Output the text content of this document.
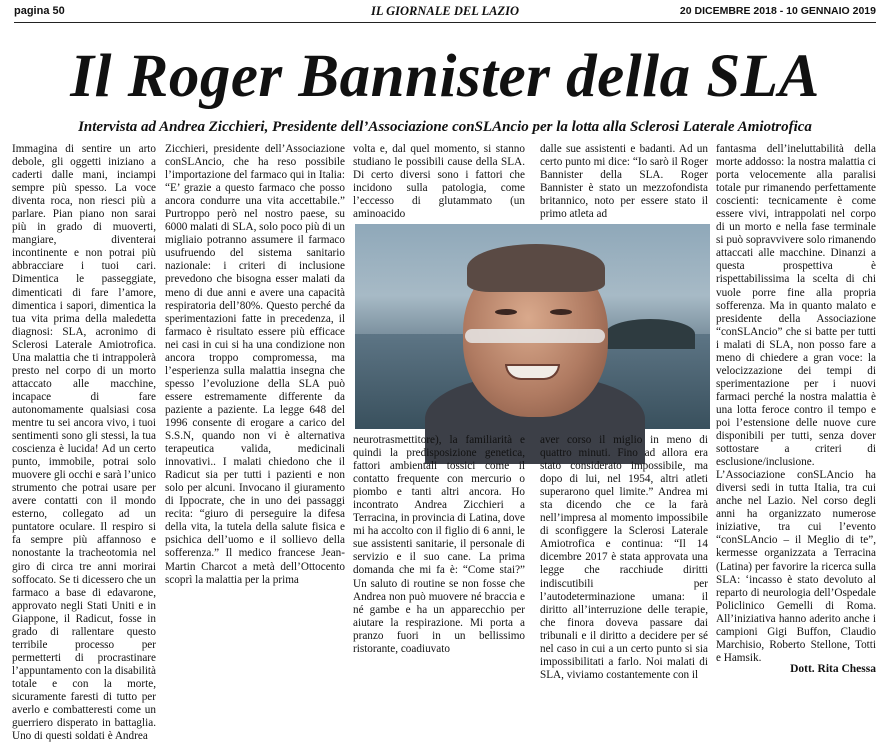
pagina 50	IL GIORNALE DEL LAZIO	20 DICEMBRE 2018 - 10 GENNAIO 2019
Il Roger Bannister della SLA
Intervista ad Andrea Zicchieri, Presidente dell’Associazione conSLAncio per la lotta alla Sclerosi Laterale Amiotrofica

Immagina di sentire un arto debole, gli oggetti iniziano a caderti dalle mani, inciampi sempre più spesso. La voce diventa roca, non riesci più a parlare. Pian piano non sarai più in grado di muoverti, mangiare, diventerai incontinente e non potrai più abbracciare i tuoi cari. Dimentica le passeggiate, dimenticati di fare l’amore, dimentica i sapori, dimentica la tua vita prima della maledetta diagnosi: SLA, acronimo di Sclerosi Laterale Amiotrofica. Una malattia che ti intrappolerà presto nel corpo di un morto attaccato alle macchine, incapace di fare autonomamente qualsiasi cosa mentre tu sei ancora vivo, i tuoi sentimenti sono gli stessi, la tua coscienza è lucida! Ad un certo punto, immobile, potrai solo muovere gli occhi e sarà l’unico strumento che potrai usare per avere contatti con il mondo esterno, collegato ad un puntatore oculare. Il respiro si fa sempre più affannoso e nonostante la tracheotomia nel giro di circa tre anni morirai soffocato. Se ti dicessero che un farmaco a base di edavarone, approvato negli Stati Uniti e in Giappone, il Radicut, fosse in grado di rallentare questo terribile processo per permetterti di procrastinare l’appuntamento con la disabilità totale e con la morte, sicuramente faresti di tutto per averlo e combatteresti come un guerriero disperato in battaglia. Uno di questi soldati è Andrea

Zicchieri, presidente dell’Associazione conSLAncio, che ha reso possibile l’importazione del farmaco qui in Italia: “E’ grazie a questo farmaco che posso ancora condurre una vita accettabile.” Purtroppo però nel nostro paese, su 6000 malati di SLA, solo poco più di un migliaio potranno assumere il farmaco usufruendo del sistema sanitario nazionale: i criteri di inclusione prevedono che bisogna esser malati da meno di due anni e avere una capacità respiratoria dell’80%. Questo perché da sperimentazioni fatte in precedenza, il farmaco è risultato essere più efficace nei casi in cui si ha una condizione non ancora troppo compromessa, ma l’esperienza sulla malattia insegna che spesso l’evoluzione della SLA può essere estremamente differente da paziente a paziente. La legge 648 del 1996 consente di erogare a carico del S.S.N, quando non vi è alternativa terapeutica valida, medicinali innovativi.. I malati chiedono che il Radicut sia per tutti i pazienti e non solo per alcuni. Invocano il giuramento di Ippocrate, che in uno dei passaggi recita: “giuro di perseguire la difesa della vita, la tutela della salute fisica e psichica dell’uomo e il sollievo della sofferenza.” Il medico francese Jean-Martin Charcot a metà dell’Ottocento scoprì la malattia per la prima

volta e, dal quel momento, si stanno studiano le possibili cause della SLA. Di certo diversi sono i fattori che incidono sulla patologia, come l’eccesso di glutammato (un aminoacido

dalle sue assistenti e badanti. Ad un certo punto mi dice: “Io sarò il Roger Bannister della SLA. Roger Bannister è stato un mezzofondista britannico, noto per essere stato il primo atleta ad

neurotrasmettitore), la familiarità e quindi la predisposizione genetica, fattori ambientali tossici come il contatto frequente con mercurio o piombo e tanti altri ancora. Ho incontrato Andrea Zicchieri a Terracina, in provincia di Latina, dove mi ha accolto con il figlio di 6 anni, le sue assistenti sanitarie, il personale di servizio e il suo cane. La prima domanda che mi fa è: “Come stai?” Un saluto di routine se non fosse che Andrea non può muovere né braccia e né gambe e ha un apparecchio per aiutare la respirazione. Mi porta a pranzo fuori in un bellissimo ristorante, coadiuvato

aver corso il miglio in meno di quattro minuti. Fino ad allora era stato considerato impossibile, ma dopo di lui, nel 1954, altri atleti superarono quel limite.” Andrea mi sta dicendo che ce la farà nell’impresa al momento impossibile di sconfiggere la Sclerosi Laterale Amiotrofica e continua: “Il 14 dicembre 2017 è stata approvata una legge che racchiude diritti indiscutibili per l’autodeterminazione umana: il diritto all’interruzione delle terapie, che finora doveva passare dai tribunali e il diritto a decidere per sé nel caso in cui a un certo punto si sia impossibilitati a farlo. Noi malati di SLA, viviamo costantemente con il

fantasma dell’ineluttabilità della morte addosso: la nostra malattia ci porta velocemente alla paralisi totale pur rimanendo perfettamente coscienti: tecnicamente è come essere vivi, intrappolati nel corpo di un morto e nella fase terminale si può sopravvivere solo rimanendo attaccati alle macchine. Dinanzi a questa prospettiva è rispettabilissima la scelta di chi vuole porre fine alla propria sofferenza. Ma in quanto malato e presidente della Associazione “conSLAncio” che si batte per tutti i malati di SLA, non posso fare a meno di chiedere a gran voce: la velocizzazione dei tempi di sperimentazione per i nuovi farmaci perché la nostra malattia è una lotta feroce contro il tempo e poi l’estensione delle nuove cure disponibili per tutti, senza dover sottostare a criteri di esclusione/inclusione. L’Associazione conSLAncio ha diversi sedi in tutta Italia, tra cui anche nel Lazio. Nel corso degli anni ha organizzato numerose iniziative, tra cui l’evento “conSLAncio – il Meglio di te”, kermesse organizzata a Terracina (Latina) per favorire la ricerca sulla SLA: ‘incasso è stato devoluto al reparto di neurologia dell’Ospedale Policlinico Gemelli di Roma. All’iniziativa hanno aderito anche i campioni Gigi Buffon, Claudio Marchisio, Roberto Stellone, Totti e Hamsik.

Dott. Rita Chessa
